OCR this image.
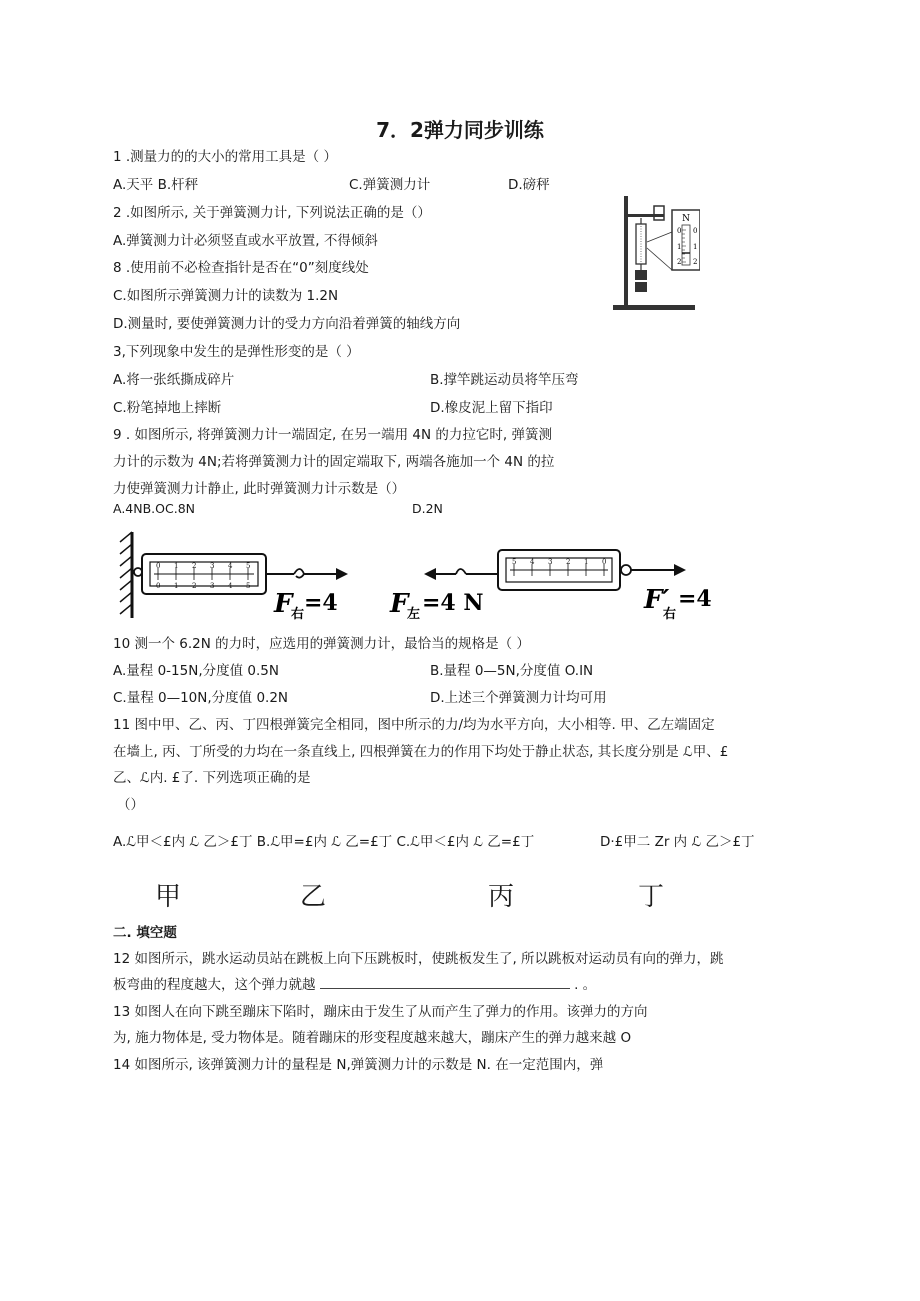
7．2弹力同步训练
1 .测量力的的大小的常用工具是（ ）
A.天平 B.杆秤	C.弹簧测力计	D.磅秤
2 .如图所示, 关于弹簧测力计, 下列说法正确的是（）
A.弹簧测力计必须竖直或水平放置, 不得倾斜
8 .使用前不必检查指针是否在“0”刻度线处
C.如图所示弹簧测力计的读数为 1.2N
D.测量时, 要使弹簧测力计的受力方向沿着弹簧的轴线方向
N
0
1
2
0
1
2
3,下列现象中发生的是弹性形变的是（ ）
A.将一张纸撕成碎片	B.撑竿跳运动员将竿压弯
C.粉笔掉地上摔断	D.橡皮泥上留下指印
9 . 如图所示, 将弹簧测力计一端固定, 在另一端用 4N 的力拉它时, 弹簧测
力计的示数为 4N;若将弹簧测力计的固定端取下, 两端各施加一个 4N 的拉
力使弹簧测力计静止, 此时弹簧测力计示数是（）
A.4NB.OC.8N	D.2N
0 1 2 3 4 5
0 1 2 3 4 5
F
右 =4
5 4 3 2 1 0
F
左 =4 N	F′
右
=4
10 测一个 6.2N 的力时，应选用的弹簧测力计，最恰当的规格是（ ）
A.量程 0-15N,分度值 0.5N	B.量程 0—5N,分度值 O.IN
C.量程 0—10N,分度值 0.2N	D.上述三个弹簧测力计均可用
11 图中甲、乙、丙、丁四根弹簧完全相同，图中所示的力/均为水平方向，大小相等. 甲、乙左端固定
在墙上, 丙、丁所受的力均在一条直线上, 四根弹簧在力的作用下均处于静止状态, 其长度分别是 ℒ甲、£
乙、ℒ内. £了. 下列选项正确的是
（）
A.ℒ甲＜£内 ℒ 乙＞£丁 B.ℒ甲=£内 ℒ 乙=£丁 C.ℒ甲＜£内 ℒ 乙=£丁	D·£甲二 Zr 内 ℒ 乙＞£丁
甲	乙	丙	丁
二. 填空题
12 如图所示，跳水运动员站在跳板上向下压跳板时，使跳板发生了, 所以跳板对运动员有向的弹力，跳
板弯曲的程度越大，这个弹力就越	. 。
13 如图人在向下跳至蹦床下陷时，蹦床由于发生了从而产生了弹力的作用。该弹力的方向
为, 施力物体是, 受力物体是。随着蹦床的形变程度越来越大，蹦床产生的弹力越来越 O
14 如图所示, 该弹簧测力计的量程是 N,弹簧测力计的示数是 N. 在一定范围内，弹
